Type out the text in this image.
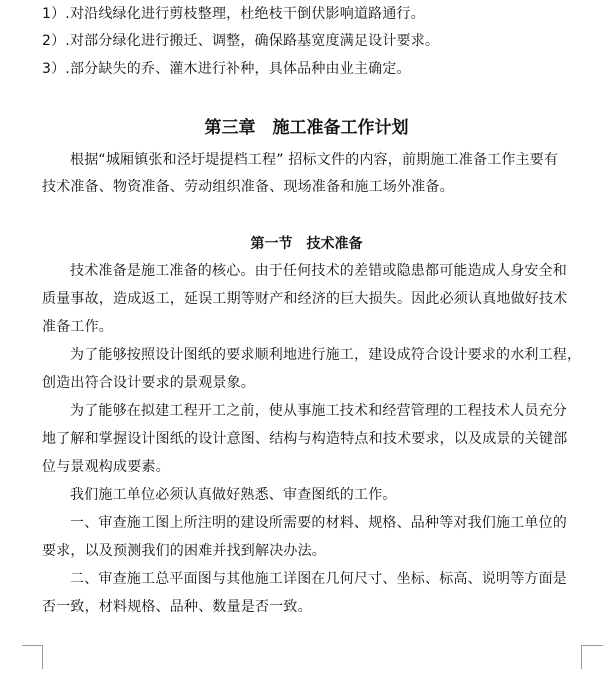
1）.对沿线绿化进行剪枝整理，杜绝枝干倒伏影响道路通行。
2）.对部分绿化进行搬迁、调整，确保路基宽度满足设计要求。
3）.部分缺失的乔、灌木进行补种，具体品种由业主确定。
第三章　施工准备工作计划
根据“城厢镇张和泾圩堤提档工程” 招标文件的内容，前期施工准备工作主要有
技术准备、物资准备、劳动组织准备、现场准备和施工场外准备。
第一节　技术准备
技术准备是施工准备的核心。由于任何技术的差错或隐患都可能造成人身安全和
质量事故，造成返工，延误工期等财产和经济的巨大损失。因此必须认真地做好技术
准备工作。
为了能够按照设计图纸的要求顺利地进行施工，建设成符合设计要求的水利工程，
创造出符合设计要求的景观景象。
为了能够在拟建工程开工之前，使从事施工技术和经营管理的工程技术人员充分
地了解和掌握设计图纸的设计意图、结构与构造特点和技术要求，以及成景的关键部
位与景观构成要素。
我们施工单位必须认真做好熟悉、审查图纸的工作。
一、审查施工图上所注明的建设所需要的材料、规格、品种等对我们施工单位的
要求，以及预测我们的困难并找到解决办法。
二、审查施工总平面图与其他施工详图在几何尺寸、坐标、标高、说明等方面是
否一致，材料规格、品种、数量是否一致。
